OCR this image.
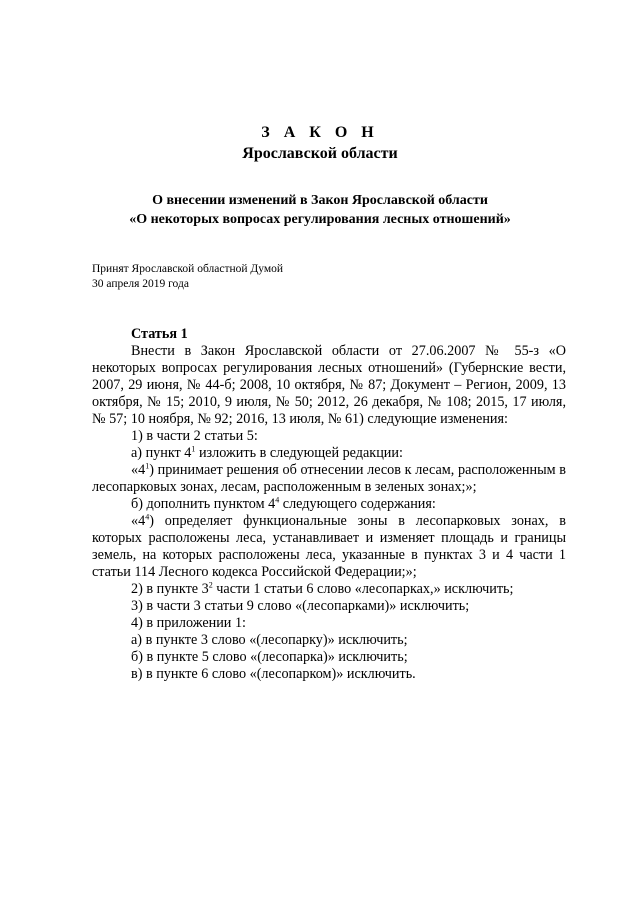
З А К О Н
Ярославской области
О внесении изменений в Закон Ярославской области
«О некоторых вопросах регулирования лесных отношений»
Принят Ярославской областной Думой
30 апреля 2019 года
Статья 1

Внести в Закон Ярославской области от 27.06.2007 № 55-з «О некоторых вопросах регулирования лесных отношений» (Губернские вести, 2007, 29 июня, № 44-б; 2008, 10 октября, № 87; Документ – Регион, 2009, 13 октября, № 15; 2010, 9 июля, № 50; 2012, 26 декабря, № 108; 2015, 17 июля, № 57; 10 ноября, № 92; 2016, 13 июля, № 61) следующие изменения:

1) в части 2 статьи 5:

а) пункт $4^1$ изложить в следующей редакции:

«$4^1$) принимает решения об отнесении лесов к лесам, расположенным в лесопарковых зонах, лесам, расположенным в зеленых зонах;»;

б) дополнить пунктом $4^4$ следующего содержания:

«$4^4$) определяет функциональные зоны в лесопарковых зонах, в которых расположены леса, устанавливает и изменяет площадь и границы земель, на которых расположены леса, указанные в пунктах 3 и 4 части 1 статьи 114 Лесного кодекса Российской Федерации;»;

2) в пункте $3^2$ части 1 статьи 6 слово «лесопарках,» исключить;

3) в части 3 статьи 9 слово «(лесопарками)» исключить;

4) в приложении 1:

а) в пункте 3 слово «(лесопарку)» исключить;

б) в пункте 5 слово «(лесопарка)» исключить;

в) в пункте 6 слово «(лесопарком)» исключить.
